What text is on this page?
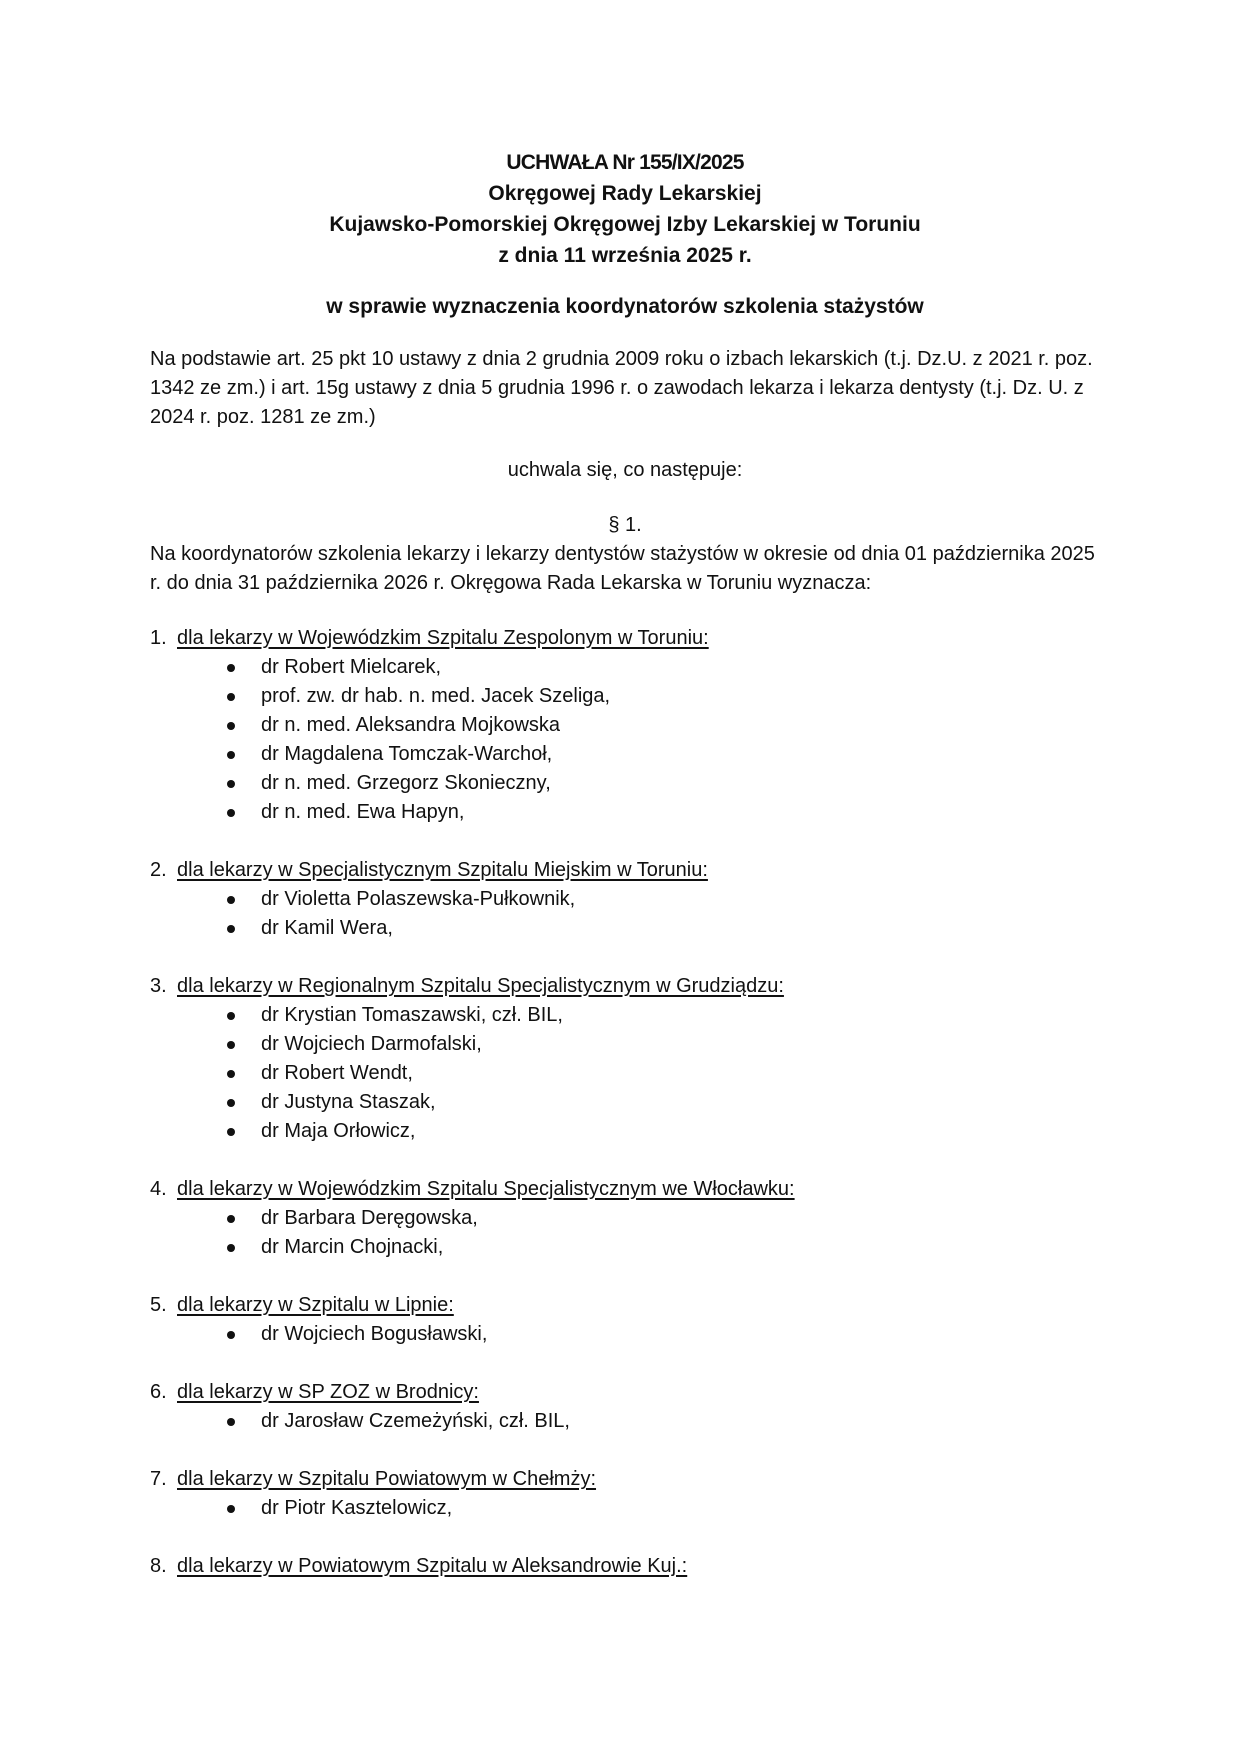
UCHWAŁA Nr 155/IX/2025
Okręgowej Rady Lekarskiej
Kujawsko-Pomorskiej Okręgowej Izby Lekarskiej w Toruniu
z dnia 11 września 2025 r.
w sprawie wyznaczenia koordynatorów szkolenia stażystów
Na podstawie art. 25 pkt 10 ustawy z dnia 2 grudnia 2009 roku o izbach lekarskich (t.j. Dz.U. z 2021 r. poz. 1342 ze zm.) i art. 15g ustawy z dnia 5 grudnia 1996 r. o zawodach lekarza i lekarza dentysty (t.j. Dz. U. z 2024 r. poz. 1281 ze zm.)
uchwala się, co następuje:
§ 1.
Na koordynatorów szkolenia lekarzy i lekarzy dentystów stażystów w okresie od dnia 01 października 2025 r. do dnia 31 października 2026 r. Okręgowa Rada Lekarska w Toruniu wyznacza:
1. dla lekarzy w Wojewódzkim Szpitalu Zespolonym w Toruniu:
dr Robert Mielcarek,
prof. zw. dr hab. n. med. Jacek Szeliga,
dr n. med. Aleksandra Mojkowska
dr Magdalena Tomczak-Warchoł,
dr n. med. Grzegorz Skonieczny,
dr n. med. Ewa Hapyn,
2. dla lekarzy w Specjalistycznym Szpitalu Miejskim w Toruniu:
dr Violetta Polaszewska-Pułkownik,
dr Kamil Wera,
3. dla lekarzy w Regionalnym Szpitalu Specjalistycznym w Grudziądzu:
dr Krystian Tomaszawski, czł. BIL,
dr Wojciech Darmofalski,
dr Robert Wendt,
dr Justyna Staszak,
dr Maja Orłowicz,
4. dla lekarzy w Wojewódzkim Szpitalu Specjalistycznym we Włocławku:
dr Barbara Deręgowska,
dr Marcin Chojnacki,
5. dla lekarzy w Szpitalu w Lipnie:
dr Wojciech Bogusławski,
6. dla lekarzy w SP ZOZ w Brodnicy:
dr Jarosław Czemeżyński, czł. BIL,
7. dla lekarzy w Szpitalu Powiatowym w Chełmży:
dr Piotr Kasztelowicz,
8. dla lekarzy w Powiatowym Szpitalu w Aleksandrowie Kuj.:
